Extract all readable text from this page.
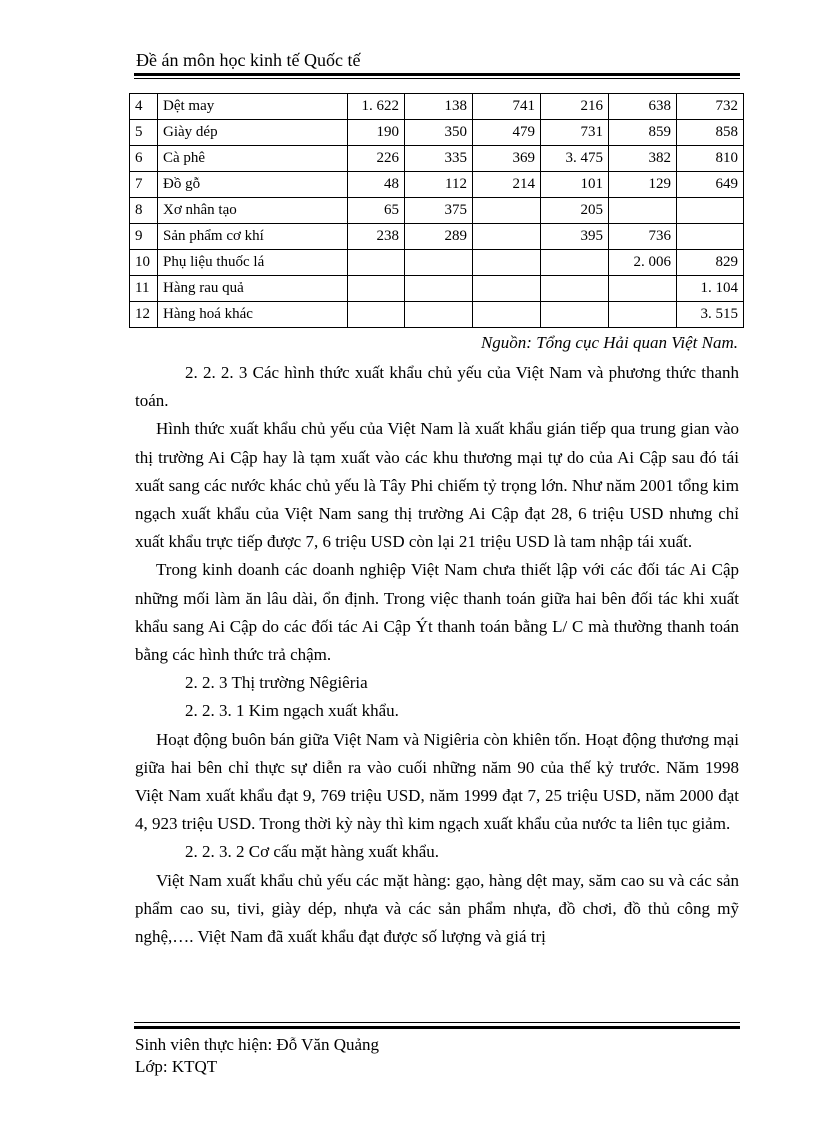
Đề án môn học kinh tế Quốc tế
4	Dệt may	1. 622	138	741	216	638	732
5	Giày dép	190	350	479	731	859	858
6	Cà phê	226	335	369	3. 475	382	810
7	Đồ gỗ	48	112	214	101	129	649
8	Xơ nhân tạo	65	375		205		
9	Sản phẩm cơ khí	238	289		395	736	
10	Phụ liệu thuốc lá					2. 006	829
11	Hàng rau quả						1. 104
12	Hàng hoá khác						3. 515
Nguồn: Tổng cục Hải quan Việt Nam.

2. 2. 2. 3 Các hình thức xuất khẩu chủ yếu của Việt Nam và phương thức thanh toán.

Hình thức xuất khẩu chủ yếu của Việt Nam là xuất khẩu gián tiếp qua trung gian vào thị trường Ai Cập hay là tạm xuất vào các khu thương mại tự do của Ai Cập sau đó tái xuất sang các nước khác chủ yếu là Tây Phi chiếm tỷ trọng lớn. Như năm 2001 tổng kim ngạch xuất khẩu của Việt Nam sang thị trường Ai Cập đạt 28, 6 triệu USD nhưng chỉ xuất khẩu trực tiếp được 7, 6 triệu USD còn lại 21 triệu USD là tam nhập tái xuất.

Trong kinh doanh các doanh nghiệp Việt Nam chưa thiết lập với các đối tác Ai Cập những mối làm ăn lâu dài, ổn định. Trong việc thanh toán giữa hai bên đối tác khi xuất khẩu sang Ai Cập do các đối tác Ai Cập Ýt thanh toán bằng L/ C mà thường thanh toán bằng các hình thức trả chậm.

2. 2. 3 Thị trường Nêgiêria

2. 2. 3. 1 Kim ngạch xuất khẩu.

Hoạt động buôn bán giữa Việt Nam và Nigiêria còn khiên tốn. Hoạt động thương mại giữa hai bên chỉ thực sự diễn ra vào cuối những năm 90 của thế kỷ trước. Năm 1998 Việt Nam xuất khẩu đạt 9, 769 triệu USD, năm 1999 đạt 7, 25 triệu USD, năm 2000 đạt 4, 923 triệu USD. Trong thời kỳ này thì kim ngạch xuất khẩu của nước ta liên tục giảm.

2. 2. 3. 2 Cơ cấu mặt hàng xuất khẩu.

Việt Nam xuất khẩu chủ yếu các mặt hàng: gạo, hàng dệt may, săm cao su và các sản phẩm cao su, tivi, giày dép, nhựa và các sản phẩm nhựa, đồ chơi, đồ thủ công mỹ nghệ,…. Việt Nam đã xuất khẩu đạt được số lượng và giá trị

Sinh viên thực hiện: Đỗ Văn Quảng
Lớp: KTQT
